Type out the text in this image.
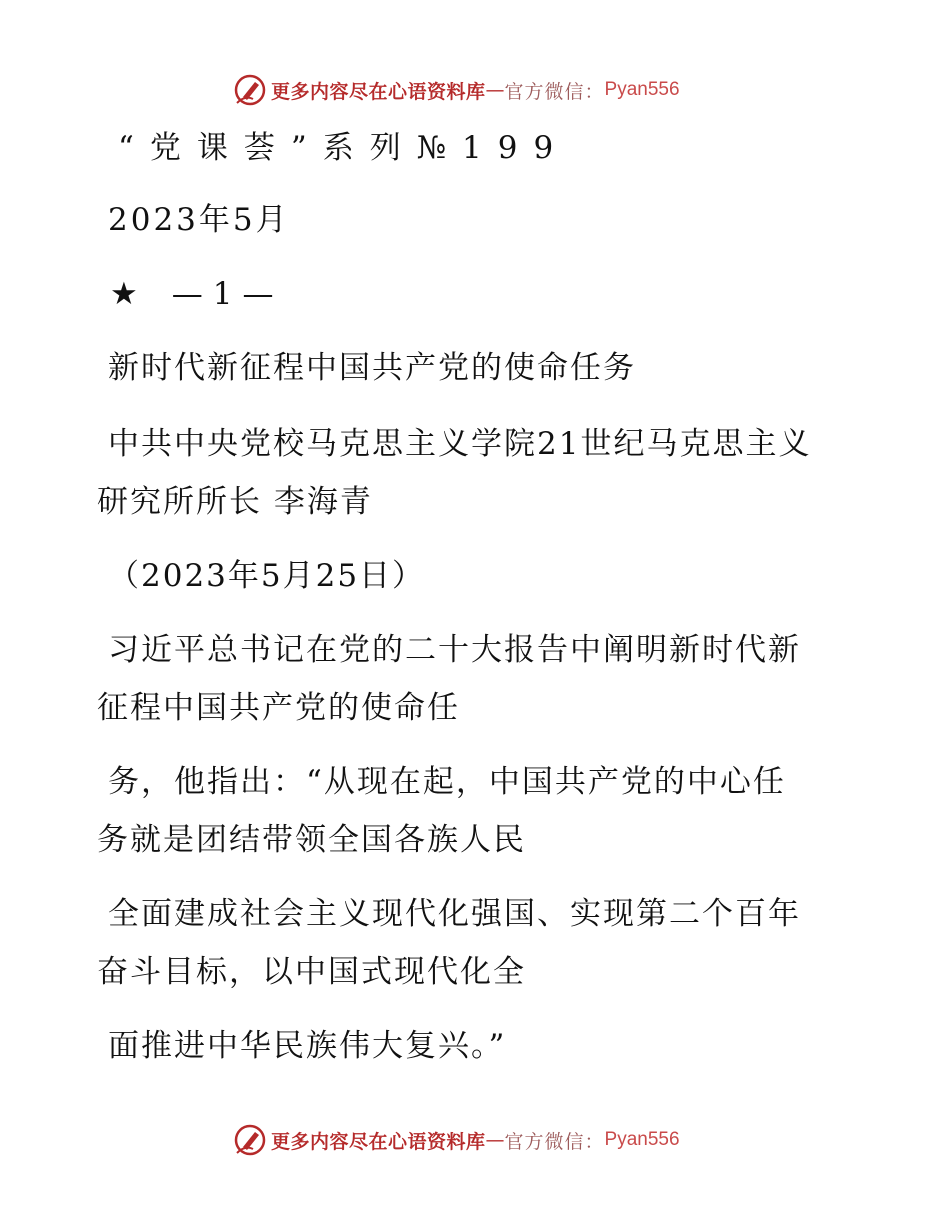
更多内容尽在心语资料库 — 官方微信： Pyan556
“党课荟”系列№199
2023年5月
★ —1—
新时代新征程中国共产党的使命任务
中共中央党校马克思主义学院21世纪马克思主义
研究所所长 李海青
（2023年5月25日）
习近平总书记在党的二十大报告中阐明新时代新
征程中国共产党的使命任
务，他指出：“从现在起，中国共产党的中心任
务就是团结带领全国各族人民
全面建成社会主义现代化强国、实现第二个百年
奋斗目标，以中国式现代化全
面推进中华民族伟大复兴。”
更多内容尽在心语资料库 — 官方微信： Pyan556
